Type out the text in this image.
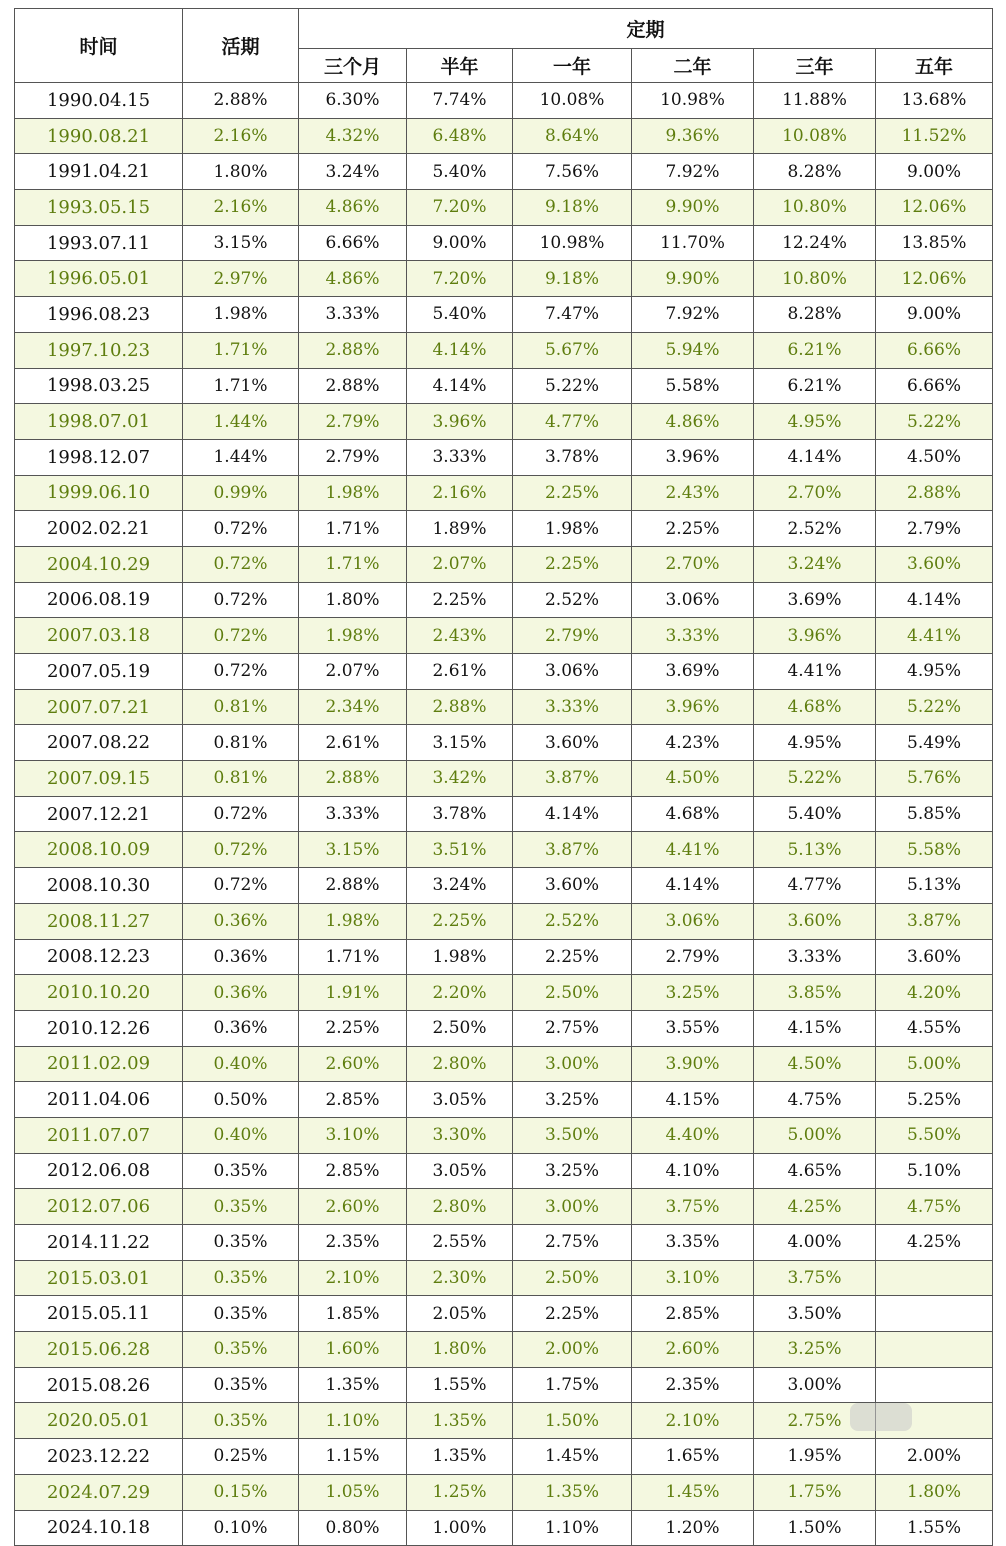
时间	活期	定期					
		三个月	半年	一年	二年	三年	五年
1990.04.15	2.88%	6.30%	7.74%	10.08%	10.98%	11.88%	13.68%
1990.08.21	2.16%	4.32%	6.48%	8.64%	9.36%	10.08%	11.52%
1991.04.21	1.80%	3.24%	5.40%	7.56%	7.92%	8.28%	9.00%
1993.05.15	2.16%	4.86%	7.20%	9.18%	9.90%	10.80%	12.06%
1993.07.11	3.15%	6.66%	9.00%	10.98%	11.70%	12.24%	13.85%
1996.05.01	2.97%	4.86%	7.20%	9.18%	9.90%	10.80%	12.06%
1996.08.23	1.98%	3.33%	5.40%	7.47%	7.92%	8.28%	9.00%
1997.10.23	1.71%	2.88%	4.14%	5.67%	5.94%	6.21%	6.66%
1998.03.25	1.71%	2.88%	4.14%	5.22%	5.58%	6.21%	6.66%
1998.07.01	1.44%	2.79%	3.96%	4.77%	4.86%	4.95%	5.22%
1998.12.07	1.44%	2.79%	3.33%	3.78%	3.96%	4.14%	4.50%
1999.06.10	0.99%	1.98%	2.16%	2.25%	2.43%	2.70%	2.88%
2002.02.21	0.72%	1.71%	1.89%	1.98%	2.25%	2.52%	2.79%
2004.10.29	0.72%	1.71%	2.07%	2.25%	2.70%	3.24%	3.60%
2006.08.19	0.72%	1.80%	2.25%	2.52%	3.06%	3.69%	4.14%
2007.03.18	0.72%	1.98%	2.43%	2.79%	3.33%	3.96%	4.41%
2007.05.19	0.72%	2.07%	2.61%	3.06%	3.69%	4.41%	4.95%
2007.07.21	0.81%	2.34%	2.88%	3.33%	3.96%	4.68%	5.22%
2007.08.22	0.81%	2.61%	3.15%	3.60%	4.23%	4.95%	5.49%
2007.09.15	0.81%	2.88%	3.42%	3.87%	4.50%	5.22%	5.76%
2007.12.21	0.72%	3.33%	3.78%	4.14%	4.68%	5.40%	5.85%
2008.10.09	0.72%	3.15%	3.51%	3.87%	4.41%	5.13%	5.58%
2008.10.30	0.72%	2.88%	3.24%	3.60%	4.14%	4.77%	5.13%
2008.11.27	0.36%	1.98%	2.25%	2.52%	3.06%	3.60%	3.87%
2008.12.23	0.36%	1.71%	1.98%	2.25%	2.79%	3.33%	3.60%
2010.10.20	0.36%	1.91%	2.20%	2.50%	3.25%	3.85%	4.20%
2010.12.26	0.36%	2.25%	2.50%	2.75%	3.55%	4.15%	4.55%
2011.02.09	0.40%	2.60%	2.80%	3.00%	3.90%	4.50%	5.00%
2011.04.06	0.50%	2.85%	3.05%	3.25%	4.15%	4.75%	5.25%
2011.07.07	0.40%	3.10%	3.30%	3.50%	4.40%	5.00%	5.50%
2012.06.08	0.35%	2.85%	3.05%	3.25%	4.10%	4.65%	5.10%
2012.07.06	0.35%	2.60%	2.80%	3.00%	3.75%	4.25%	4.75%
2014.11.22	0.35%	2.35%	2.55%	2.75%	3.35%	4.00%	4.25%
2015.03.01	0.35%	2.10%	2.30%	2.50%	3.10%	3.75%	
2015.05.11	0.35%	1.85%	2.05%	2.25%	2.85%	3.50%	
2015.06.28	0.35%	1.60%	1.80%	2.00%	2.60%	3.25%	
2015.08.26	0.35%	1.35%	1.55%	1.75%	2.35%	3.00%	
2020.05.01	0.35%	1.10%	1.35%	1.50%	2.10%	2.75%	
2023.12.22	0.25%	1.15%	1.35%	1.45%	1.65%	1.95%	2.00%
2024.07.29	0.15%	1.05%	1.25%	1.35%	1.45%	1.75%	1.80%
2024.10.18	0.10%	0.80%	1.00%	1.10%	1.20%	1.50%	1.55%
